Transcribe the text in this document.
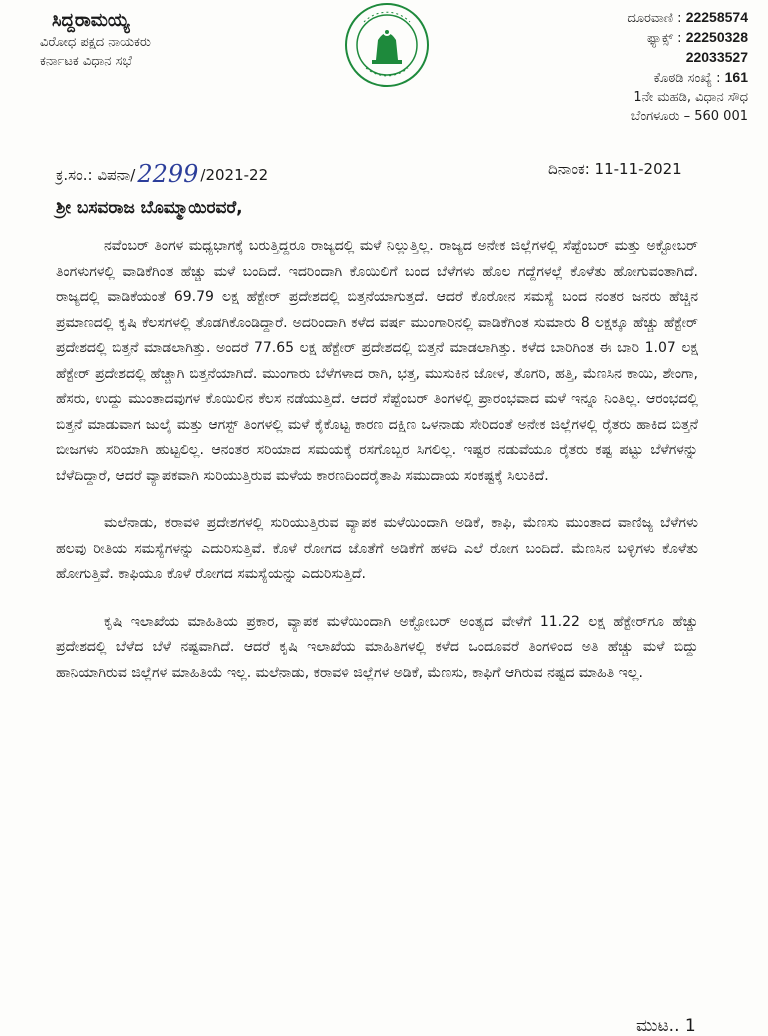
ಸಿದ್ದರಾಮಯ್ಯ
ವಿರೋಧ ಪಕ್ಷದ ನಾಯಕರು
ಕರ್ನಾಟಕ ವಿಧಾನ ಸಭೆ
ದೂರವಾಣಿ : 22258574
ಫ್ಯಾಕ್ಸ್ : 22250328
22033527
ಕೊಠಡಿ ಸಂಖ್ಯೆ : 161
1ನೇ ಮಹಡಿ, ವಿಧಾನ ಸೌಧ
ಬೆಂಗಳೂರು – 560 001
ಕ್ರ.ಸಂ.: ವಿಪನಾ/2299 /2021-22	ದಿನಾಂಕ: 11-11-2021
ಶ್ರೀ ಬಸವರಾಜ ಬೊಮ್ಮಾಯಿರವರೆ,

ನವೆಂಬರ್ ತಿಂಗಳ ಮಧ್ಯಭಾಗಕ್ಕೆ ಬರುತ್ತಿದ್ದರೂ ರಾಜ್ಯದಲ್ಲಿ ಮಳೆ ನಿಲ್ಲುತ್ತಿಲ್ಲ. ರಾಜ್ಯದ ಅನೇಕ ಜಿಲ್ಲೆಗಳಲ್ಲಿ ಸೆಪ್ಟೆಂಬರ್ ಮತ್ತು ಅಕ್ಟೋಬರ್ ತಿಂಗಳುಗಳಲ್ಲಿ ವಾಡಿಕೆಗಿಂತ ಹೆಚ್ಚು ಮಳೆ ಬಂದಿದೆ. ಇದರಿಂದಾಗಿ ಕೊಯಿಲಿಗೆ ಬಂದ ಬೆಳೆಗಳು ಹೊಲ ಗದ್ದೆಗಳಲ್ಲೆ ಕೊಳೆತು ಹೋಗುವಂತಾಗಿದೆ. ರಾಜ್ಯದಲ್ಲಿ ವಾಡಿಕೆಯಂತೆ 69.79 ಲಕ್ಷ ಹೆಕ್ಟೇರ್ ಪ್ರದೇಶದಲ್ಲಿ ಬಿತ್ತನೆಯಾಗುತ್ತದೆ. ಆದರೆ ಕೊರೋನ ಸಮಸ್ಯೆ ಬಂದ ನಂತರ ಜನರು ಹೆಚ್ಚಿನ ಪ್ರಮಾಣದಲ್ಲಿ ಕೃಷಿ ಕೆಲಸಗಳಲ್ಲಿ ತೊಡಗಿಕೊಂಡಿದ್ದಾರೆ. ಅದರಿಂದಾಗಿ ಕಳೆದ ವರ್ಷ ಮುಂಗಾರಿನಲ್ಲಿ ವಾಡಿಕೆಗಿಂತ ಸುಮಾರು 8 ಲಕ್ಷಕ್ಕೂ ಹೆಚ್ಚು ಹೆಕ್ಟೇರ್ ಪ್ರದೇಶದಲ್ಲಿ ಬಿತ್ತನೆ ಮಾಡಲಾಗಿತ್ತು. ಅಂದರೆ 77.65 ಲಕ್ಷ ಹೆಕ್ಟೇರ್ ಪ್ರದೇಶದಲ್ಲಿ ಬಿತ್ತನೆ ಮಾಡಲಾಗಿತ್ತು. ಕಳೆದ ಬಾರಿಗಿಂತ ಈ ಬಾರಿ 1.07 ಲಕ್ಷ ಹೆಕ್ಟೇರ್ ಪ್ರದೇಶದಲ್ಲಿ ಹೆಚ್ಚಾಗಿ ಬಿತ್ತನೆಯಾಗಿದೆ. ಮುಂಗಾರು ಬೆಳೆಗಳಾದ ರಾಗಿ, ಭತ್ತ, ಮುಸುಕಿನ ಜೋಳ, ತೊಗರಿ, ಹತ್ತಿ, ಮೆಣಸಿನ ಕಾಯಿ, ಶೇಂಗಾ, ಹೆಸರು, ಉದ್ದು ಮುಂತಾದವುಗಳ ಕೊಯಿಲಿನ ಕೆಲಸ ನಡೆಯುತ್ತಿದೆ. ಆದರೆ ಸೆಪ್ಟೆಂಬರ್ ತಿಂಗಳಲ್ಲಿ ಪ್ರಾರಂಭವಾದ ಮಳೆ ಇನ್ನೂ ನಿಂತಿಲ್ಲ. ಆರಂಭದಲ್ಲಿ ಬಿತ್ತನೆ ಮಾಡುವಾಗ ಜುಲೈ ಮತ್ತು ಆಗಸ್ಟ್ ತಿಂಗಳಲ್ಲಿ ಮಳೆ ಕೈಕೊಟ್ಟ ಕಾರಣ ದಕ್ಷಿಣ ಒಳನಾಡು ಸೇರಿದಂತೆ ಅನೇಕ ಜಿಲ್ಲೆಗಳಲ್ಲಿ ರೈತರು ಹಾಕಿದ ಬಿತ್ತನೆ ಬೀಜಗಳು ಸರಿಯಾಗಿ ಹುಟ್ಟಲಿಲ್ಲ. ಆನಂತರ ಸರಿಯಾದ ಸಮಯಕ್ಕೆ ರಸಗೊಬ್ಬರ ಸಿಗಲಿಲ್ಲ. ಇಷ್ಟರ ನಡುವೆಯೂ ರೈತರು ಕಷ್ಟ ಪಟ್ಟು ಬೆಳೆಗಳನ್ನು ಬೆಳೆದಿದ್ದಾರೆ, ಆದರೆ ವ್ಯಾಪಕವಾಗಿ ಸುರಿಯುತ್ತಿರುವ ಮಳೆಯ ಕಾರಣದಿಂದರೈತಾಪಿ ಸಮುದಾಯ ಸಂಕಷ್ಟಕ್ಕೆ ಸಿಲುಕಿದೆ.

ಮಲೆನಾಡು, ಕರಾವಳಿ ಪ್ರದೇಶಗಳಲ್ಲಿ ಸುರಿಯುತ್ತಿರುವ ವ್ಯಾಪಕ ಮಳೆಯಿಂದಾಗಿ ಅಡಿಕೆ, ಕಾಫಿ, ಮೆಣಸು ಮುಂತಾದ ವಾಣಿಜ್ಯ ಬೆಳೆಗಳು ಹಲವು ರೀತಿಯ ಸಮಸ್ಯೆಗಳನ್ನು ಎದುರಿಸುತ್ತಿವೆ. ಕೊಳೆ ರೋಗದ ಜೊತೆಗೆ ಅಡಿಕೆಗೆ ಹಳದಿ ಎಲೆ ರೋಗ ಬಂದಿದೆ. ಮೆಣಸಿನ ಬಳ್ಳಿಗಳು ಕೊಳೆತು ಹೋಗುತ್ತಿವೆ. ಕಾಫಿಯೂ ಕೊಳೆ ರೋಗದ ಸಮಸ್ಯೆಯನ್ನು ಎದುರಿಸುತ್ತಿದೆ.

ಕೃಷಿ ಇಲಾಖೆಯ ಮಾಹಿತಿಯ ಪ್ರಕಾರ, ವ್ಯಾಪಕ ಮಳೆಯಿಂದಾಗಿ ಅಕ್ಟೋಬರ್ ಅಂತ್ಯದ ವೇಳೆಗೆ 11.22 ಲಕ್ಷ ಹೆಕ್ಟೇರ್‌ಗೂ ಹೆಚ್ಚು ಪ್ರದೇಶದಲ್ಲಿ ಬೆಳೆದ ಬೆಳೆ ನಷ್ಟವಾಗಿದೆ. ಆದರೆ ಕೃಷಿ ಇಲಾಖೆಯ ಮಾಹಿತಿಗಳಲ್ಲಿ ಕಳೆದ ಒಂದೂವರೆ ತಿಂಗಳಿಂದ ಅತಿ ಹೆಚ್ಚು ಮಳೆ ಬಿದ್ದು ಹಾನಿಯಾಗಿರುವ ಜಿಲ್ಲೆಗಳ ಮಾಹಿತಿಯೆ ಇಲ್ಲ. ಮಲೆನಾಡು, ಕರಾವಳಿ ಜಿಲ್ಲೆಗಳ ಅಡಿಕೆ, ಮೆಣಸು, ಕಾಫಿಗೆ ಆಗಿರುವ ನಷ್ಟದ ಮಾಹಿತಿ ಇಲ್ಲ.

ಮುಟ.. 1
